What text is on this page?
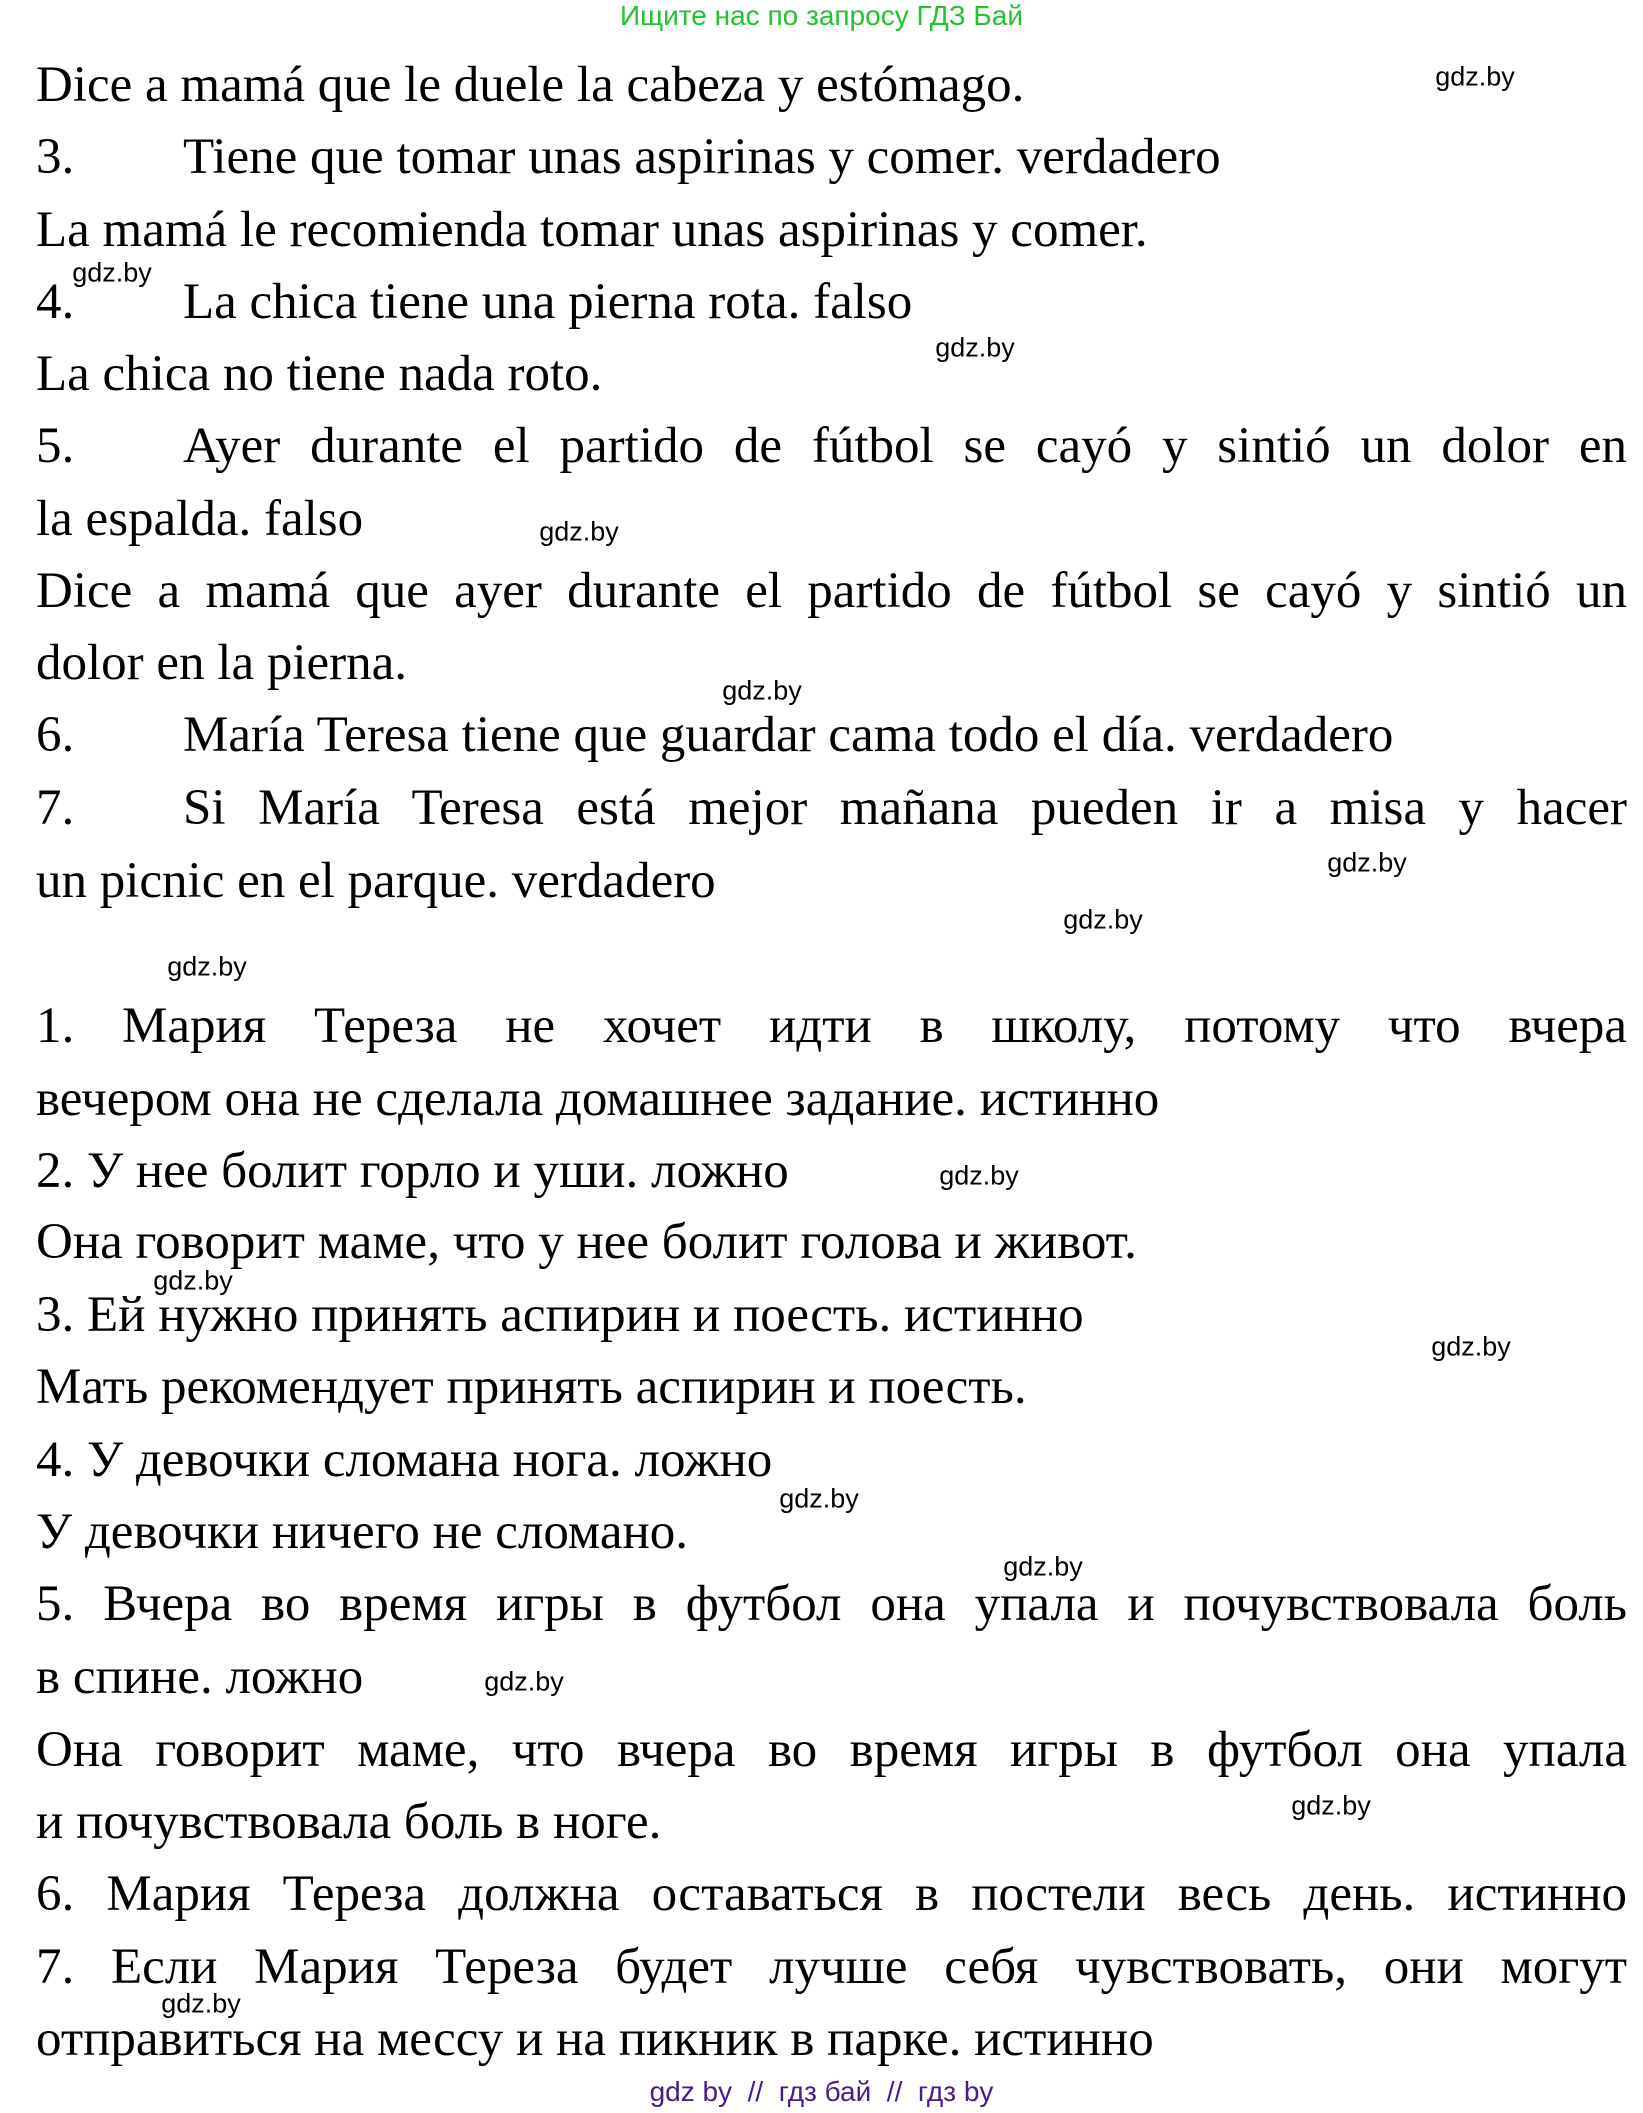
Ищите нас по запросу ГДЗ Бай
Dice a mamá que le duele la cabeza y estómago.
3. Tiene que tomar unas aspirinas y comer. verdadero
La mamá le recomienda tomar unas aspirinas y comer.
4. La chica tiene una pierna rota. falso
La chica no tiene nada roto.
5. Ayer durante el partido de fútbol se cayó y sintió un dolor en
la espalda. falso
Dice a mamá que ayer durante el partido de fútbol se cayó y sintió un
dolor en la pierna.
6. María Teresa tiene que guardar cama todo el día. verdadero
7. Si María Teresa está mejor mañana pueden ir a misa y hacer
un picnic en el parque. verdadero
1. Мария Тереза не хочет идти в школу, потому что вчера
вечером она не сделала домашнее задание. истинно
2. У нее болит горло и уши. ложно
Она говорит маме, что у нее болит голова и живот.
3. Ей нужно принять аспирин и поесть. истинно
Мать рекомендует принять аспирин и поесть.
4. У девочки сломана нога. ложно
У девочки ничего не сломано.
5. Вчера во время игры в футбол она упала и почувствовала боль
в спине. ложно
Она говорит маме, что вчера во время игры в футбол она упала
и почувствовала боль в ноге.
6. Мария Тереза должна оставаться в постели весь день. истинно
7. Если Мария Тереза будет лучше себя чувствовать, они могут
отправиться на мессу и на пикник в парке. истинно
gdz.by
gdz.by
gdz.by
gdz.by
gdz.by
gdz.by
gdz.by
gdz.by
gdz.by
gdz.by
gdz.by
gdz.by
gdz.by
gdz.by
gdz.by
gdz.by
gdz by  //  гдз бай  //  гдз by
